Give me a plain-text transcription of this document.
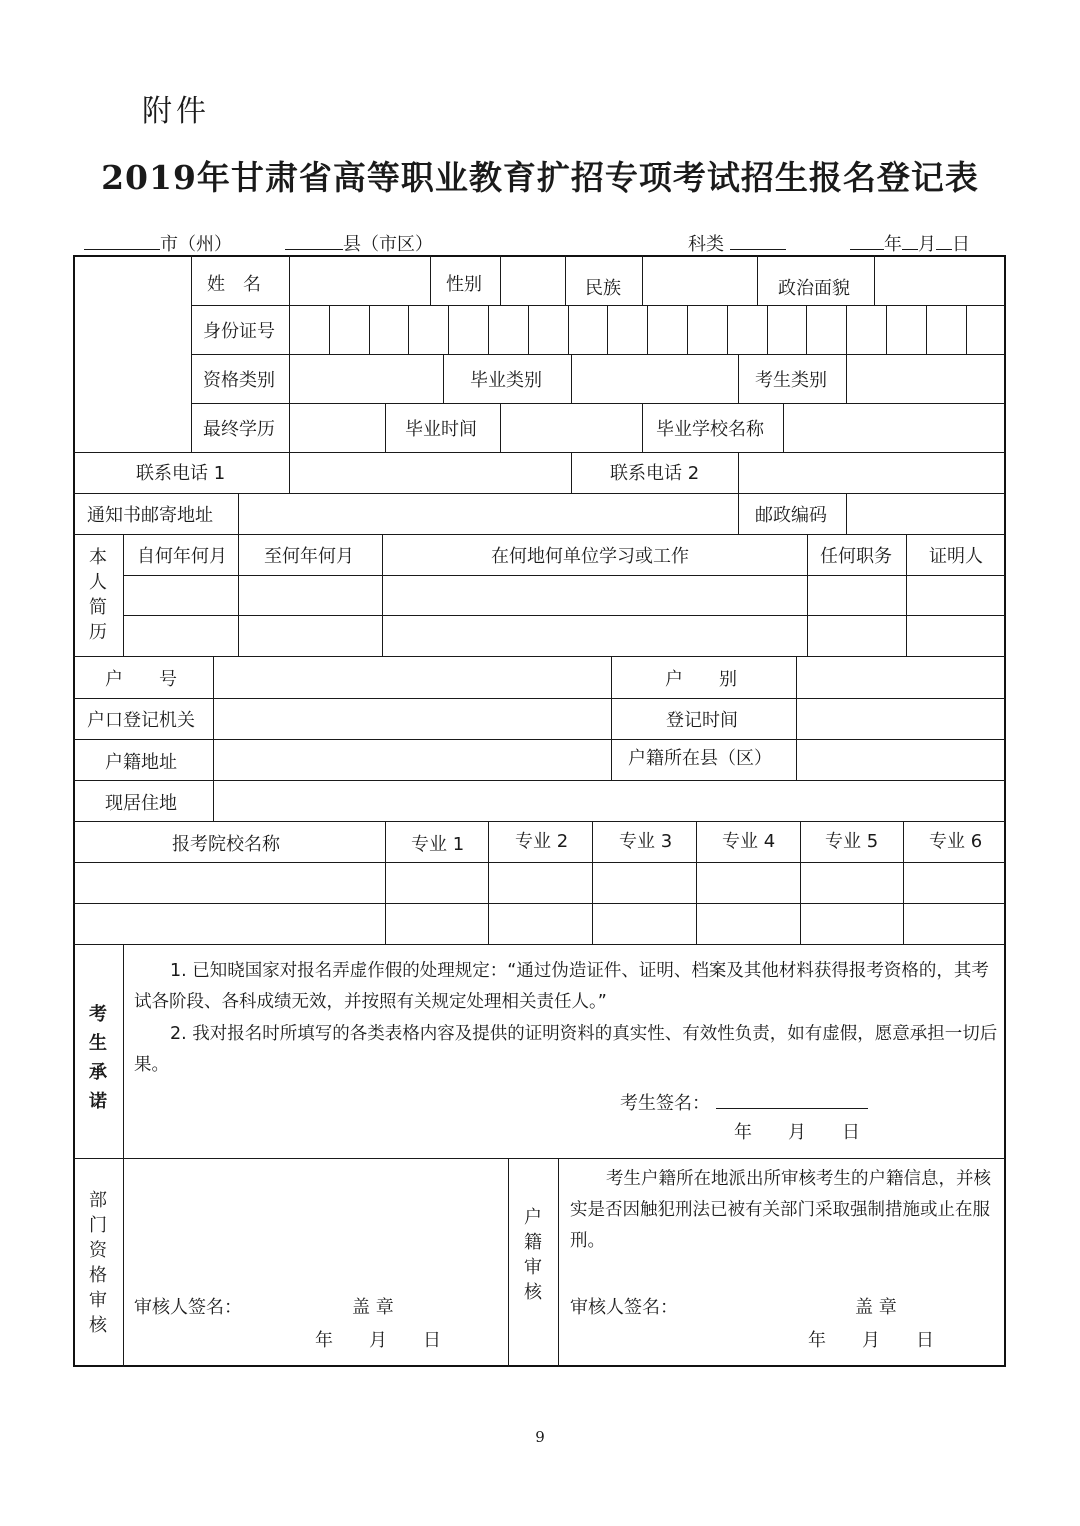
附件
2019年甘肃省高等职业教育扩招专项考试招生报名登记表
市（州）	县（市区）	科类	年 月 日
姓　名	性别	民族	政治面貌
身份证号
资格类别	毕业类别	考生类别
最终学历	毕业时间	毕业学校名称
联系电话 1	联系电话 2
通知书邮寄地址	邮政编码
本人简历
自何年何月 至何年何月	在何地何单位学习或工作	任何职务 证明人
户　　号	户　　别
户口登记机关	登记时间
户籍地址	户籍所在县（区）
现居住地
报考院校名称	专业 1	专业 2	专业 3	专业 4	专业 5	专业 6
考生承诺
1. 已知晓国家对报名弄虚作假的处理规定：“通过伪造证件、证明、档案及其他材料获得报考资格的，其考试各阶段、各科成绩无效，并按照有关规定处理相关责任人。”
2. 我对报名时所填写的各类表格内容及提供的证明资料的真实性、有效性负责，如有虚假，愿意承担一切后果。
考生签名：
年　　月　　日
部门资格审核
审核人签名：	盖 章
年　　月　　日
户籍审核
考生户籍所在地派出所审核考生的户籍信息，并核实是否因触犯刑法已被有关部门采取强制措施或止在服刑。
审核人签名：	盖 章
年　　月　　日
9
